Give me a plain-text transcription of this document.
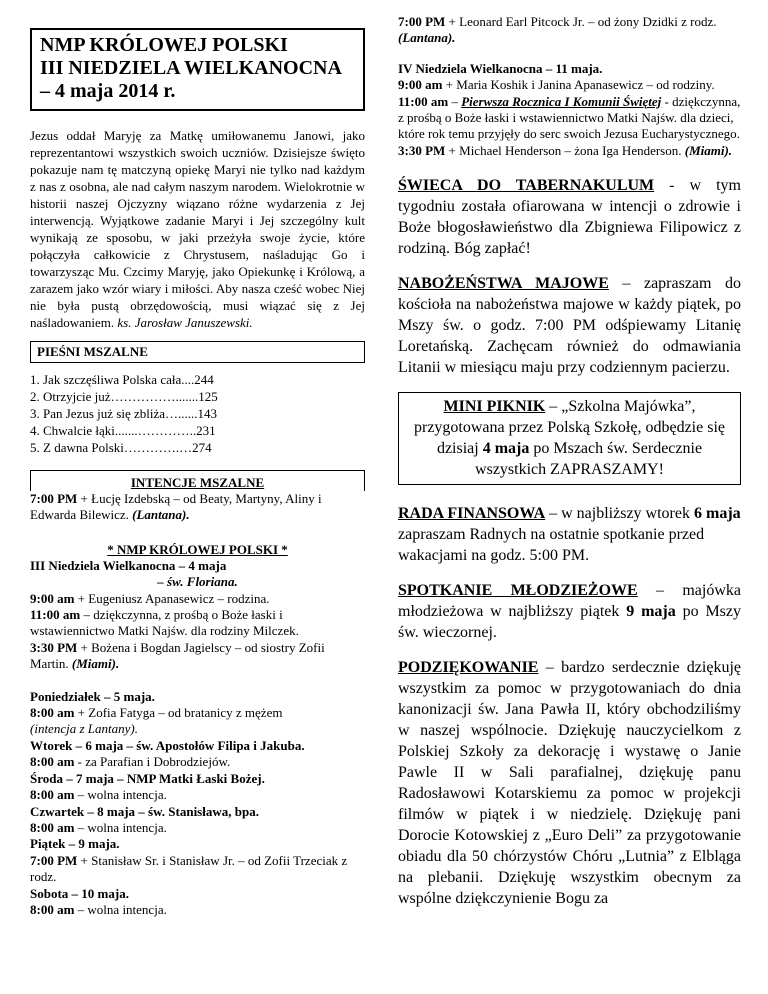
NMP KRÓLOWEJ POLSKI
III NIEDZIELA WIELKANOCNA
– 4 maja 2014 r.

Jezus oddał Maryję za Matkę umiłowanemu Janowi, jako reprezentantowi wszystkich swoich uczniów. Dzisiejsze święto pokazuje nam tę matczyną opiekę Maryi nie tylko nad każdym z nas z osobna, ale nad całym naszym narodem. Wielokrotnie w historii naszej Ojczyzny wiązano różne wydarzenia z Jej interwencją. Wyjątkowe zadanie Maryi i Jej szczególny kult wynikają ze sposobu, w jaki przeżyła swoje życie, które połączyła całkowicie z Chrystusem, naśladując Go i towarzysząc Mu. Czcimy Maryję, jako Opiekunkę i Królową, a zarazem jako wzór wiary i miłości. Aby nasza cześć wobec Niej nie była pustą obrzędowością, musi wiązać się z Jej naśladowaniem. ks. Jarosław Januszewski.

PIEŚNI MSZALNE
1. Jak szczęśliwa Polska cała....244
2. Otrzyjcie już…………….......125
3. Pan Jezus już się zbliża…......143
4. Chwalcie łąki.......…………..231
5. Z dawna Polski………….…274
INTENCJE MSZALNE

7:00 PM + Łucję Izdebską – od Beaty, Martyny, Aliny i Edwarda Bilewicz. (Lantana).

* NMP KRÓLOWEJ POLSKI *

III Niedziela Wielkanocna – 4 maja

– św. Floriana.

9:00 am + Eugeniusz Apanasewicz – rodzina.

11:00 am – dziękczynna, z prośbą o Boże łaski i wstawiennictwo Matki Najśw. dla rodziny Milczek.

3:30 PM + Bożena i Bogdan Jagielscy – od siostry Zofii Martin. (Miami).

Poniedziałek – 5 maja.

8:00 am + Zofia Fatyga – od bratanicy z mężem
(intencja z Lantany).

Wtorek – 6 maja – św. Apostołów Filipa i Jakuba.

8:00 am - za Parafian i Dobrodziejów.

Środa – 7 maja – NMP Matki Łaski Bożej.

8:00 am – wolna intencja.

Czwartek – 8 maja – św. Stanisława, bpa.

8:00 am – wolna intencja.

Piątek – 9 maja.

7:00 PM + Stanisław Sr. i Stanisław Jr. – od Zofii Trzeciak z rodz.

Sobota – 10 maja.

8:00 am – wolna intencja.

7:00 PM + Leonard Earl Pitcock Jr. – od żony Dzidki z rodz. (Lantana).

IV Niedziela Wielkanocna – 11 maja.

9:00 am + Maria Koshik i Janina Apanasewicz – od rodziny.

11:00 am – Pierwsza Rocznica I Komunii Świętej - dziękczynna, z prośbą o Boże łaski i wstawiennictwo Matki Najśw. dla dzieci, które rok temu przyjęły do serc swoich Jezusa Eucharystycznego.

3:30 PM + Michael Henderson – żona Iga Henderson. (Miami).

ŚWIECA DO TABERNAKULUM - w tym tygodniu została ofiarowana w intencji o zdrowie i Boże błogosławieństwo dla Zbigniewa Filipowicz z rodziną. Bóg zapłać!

NABOŻEŃSTWA MAJOWE – zapraszam do kościoła na nabożeństwa majowe w każdy piątek, po Mszy św. o godz. 7:00 PM odśpiewamy Litanię Loretańską. Zachęcam również do odmawiania Litanii w miesiącu maju przy codziennym pacierzu.

MINI PIKNIK – „Szkolna Majówka”, przygotowana przez Polską Szkołę, odbędzie się dzisiaj 4 maja po Mszach św. Serdecznie wszystkich ZAPRASZAMY!

RADA FINANSOWA – w najbliższy wtorek 6 maja zapraszam Radnych na ostatnie spotkanie przed wakacjami na godz. 5:00 PM.

SPOTKANIE MŁODZIEŻOWE – majówka młodzieżowa w najbliższy piątek 9 maja po Mszy św. wieczornej.

PODZIĘKOWANIE – bardzo serdecznie dziękuję wszystkim za pomoc w przygotowaniach do dnia kanonizacji św. Jana Pawła II, który obchodziliśmy w naszej wspólnocie. Dziękuję nauczycielkom z Polskiej Szkoły za dekorację i wystawę o Janie Pawle II w Sali parafialnej, dziękuję panu Radosławowi Kotarskiemu za pomoc w projekcji filmów w piątek i w niedzielę. Dziękuję pani Dorocie Kotowskiej z „Euro Deli” za przygotowanie obiadu dla 50 chórzystów Chóru „Lutnia” z Elbląga na plebanii. Dziękuję wszystkim obecnym za wspólne dziękczynienie Bogu za
